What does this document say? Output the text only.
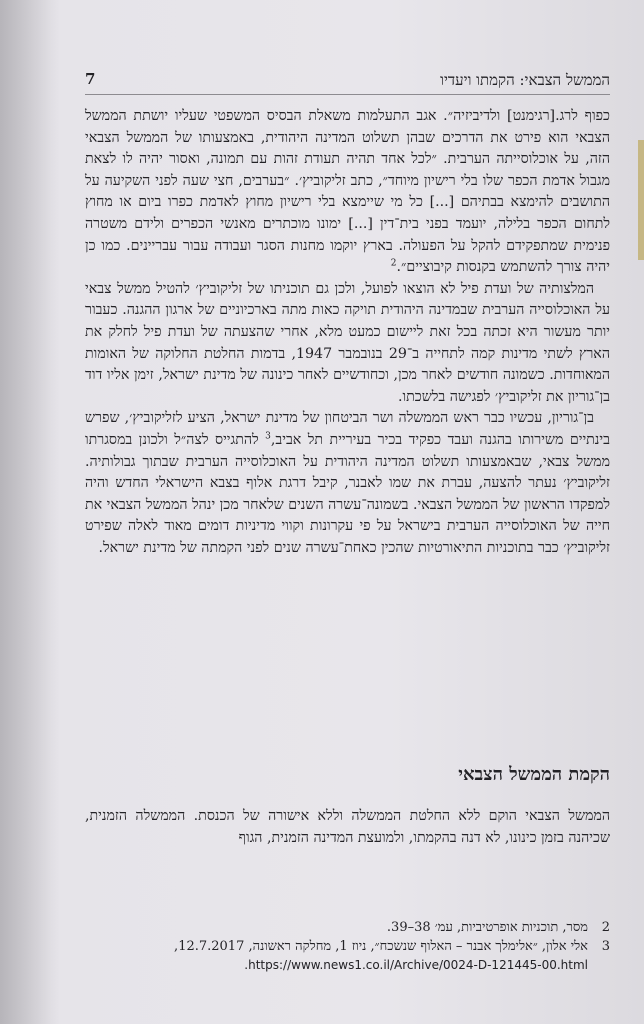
7	הממשל הצבאי: הקמתו ויעדיו

כפוף לרג.[רגימנט] ולדיביזיה״. אגב התעלמות משאלת הבסיס המשפטי שעליו יושתת הממשל הצבאי הוא פירט את הדרכים שבהן תשלוט המדינה היהודית, באמצעותו של הממשל הצבאי הזה, על אוכלוסייתה הערבית. ״לכל אחד תהיה תעודת זהות עם תמונה, ואסור יהיה לו לצאת מגבול אדמת הכפר שלו בלי רישיון מיוחד״, כתב זליקוביץ׳. ״בערבים, חצי שעה לפני השקיעה על התושבים להימצא בבתיהם [...] כל מי שיימצא בלי רישיון מחוץ לאדמת כפרו ביום או מחוץ לתחום הכפר בלילה, יועמד בפני בית־דין [...] ימונו מוכתרים מאנשי הכפרים ולידם משטרה פנימית שמתפקידם להקל על הפעולה. בארץ יוקמו מחנות הסגר ועבודה עבור עבריינים. כמו כן יהיה צורך להשתמש בקנסות קיבוציים״.$^2$

המלצותיה של ועדת פיל לא הוצאו לפועל, ולכן גם תוכניתו של זליקוביץ׳ להטיל ממשל צבאי על האוכלוסייה הערבית שבמדינה היהודית תויקה כאות מתה בארכיוניים של ארגון ההגנה. כעבור יותר מעשור היא זכתה בכל זאת ליישום כמעט מלא, אחרי שהצעתה של ועדת פיל לחלק את הארץ לשתי מדינות קמה לתחייה ב־29 בנובמבר 1947, בדמות החלטת החלוקה של האומות המאוחדות. כשמונה חודשים לאחר מכן, וכחודשיים לאחר כינונה של מדינת ישראל, זימן אליו דוד בן־גוריון את זליקוביץ׳ לפגישה בלשכתו.

בן־גוריון, עכשיו כבר ראש הממשלה ושר הביטחון של מדינת ישראל, הציע לזליקוביץ׳, שפרש בינתיים משירותו בהגנה ועבד כפקיד בכיר בעיריית תל אביב,$^3$ להתגייס לצה״ל ולכונן במסגרתו ממשל צבאי, שבאמצעותו תשלוט המדינה היהודית על האוכלוסייה הערבית שבתוך גבולותיה. זליקוביץ׳ נעתר להצעה, עברת את שמו לאבנר, קיבל דרגת אלוף בצבא הישראלי החדש והיה למפקדו הראשון של הממשל הצבאי. בשמונה־עשרה השנים שלאחר מכן ינהל הממשל הצבאי את חייה של האוכלוסייה הערבית בישראל על פי עקרונות וקווי מדיניות דומים מאוד לאלה שפירט זליקוביץ׳ כבר בתוכניות התיאורטיות שהכין כאחת־עשרה שנים לפני הקמתה של מדינת ישראל.

הקמת הממשל הצבאי
הממשל הצבאי הוקם ללא החלטת הממשלה וללא אישורה של הכנסת. הממשלה הזמנית, שכיהנה בזמן כינונו, לא דנה בהקמתו, ולמועצת המדינה הזמנית, הגוף
2
מסר, תוכניות אופרטיביות, עמ׳ 38–39.
3
אלי אלון, ״אלימלך אבנר – האלוף שנשכח״, ניוז 1, מחלקה ראשונה, 12.7.2017,
https://www.news1.co.il/Archive/0024-D-121445-00.html.
